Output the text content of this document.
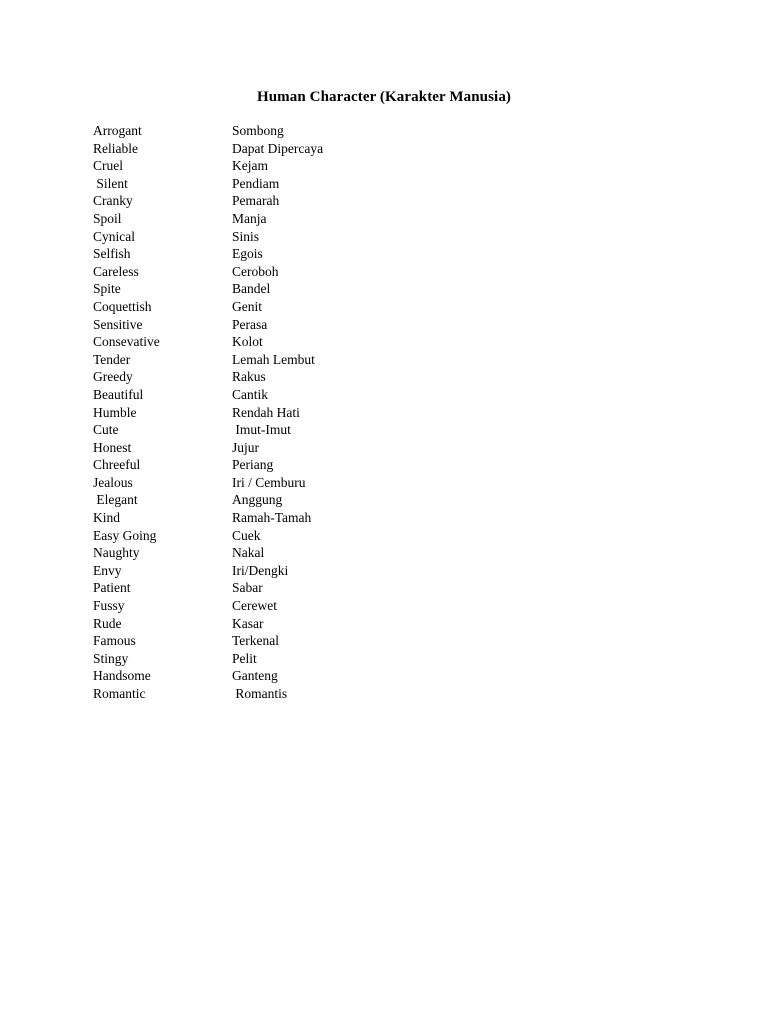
Human Character (Karakter Manusia)
Arrogant	Sombong
Reliable	Dapat Dipercaya
Cruel	Kejam
Silent	Pendiam
Cranky	Pemarah
Spoil	Manja
Cynical	Sinis
Selfish	Egois
Careless	Ceroboh
Spite	Bandel
Coquettish	Genit
Sensitive	Perasa
Consevative	Kolot
Tender	Lemah Lembut
Greedy	Rakus
Beautiful	Cantik
Humble	Rendah Hati
Cute	Imut-Imut
Honest	Jujur
Chreeful	Periang
Jealous	Iri / Cemburu
Elegant	Anggung
Kind	Ramah-Tamah
Easy Going	Cuek
Naughty	Nakal
Envy	Iri/Dengki
Patient	Sabar
Fussy	Cerewet
Rude	Kasar
Famous	Terkenal
Stingy	Pelit
Handsome	Ganteng
Romantic	Romantis
